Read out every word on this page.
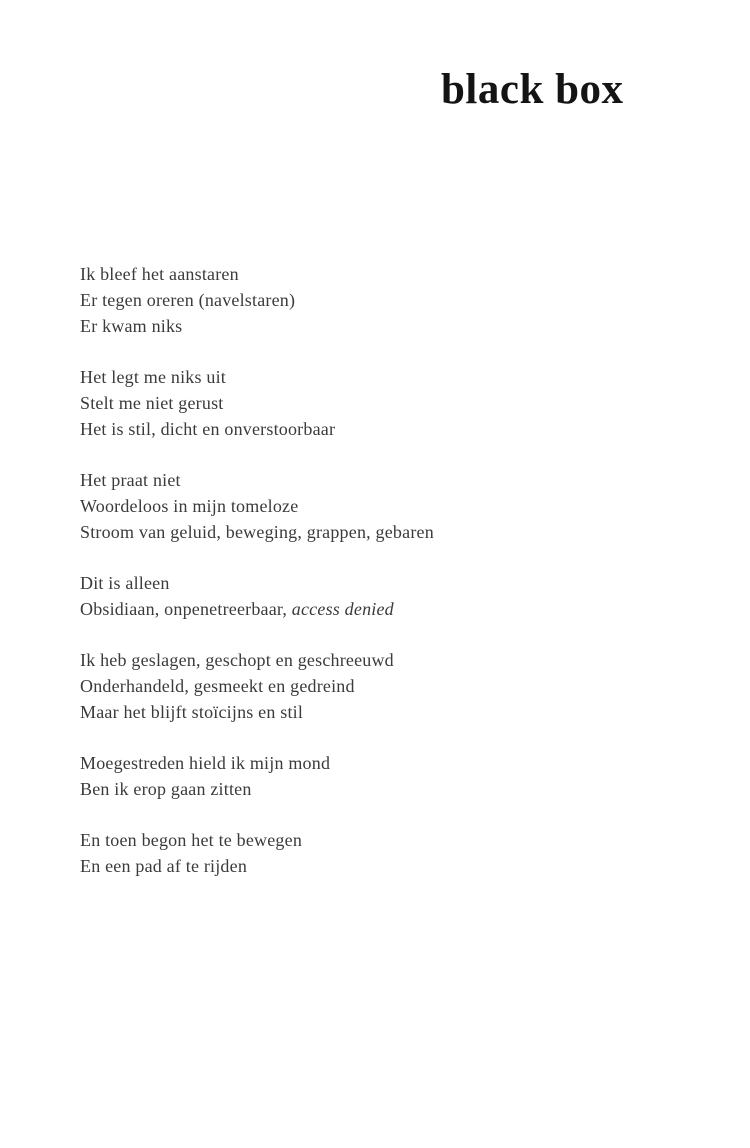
black box
Ik bleef het aanstaren
Er tegen oreren (navelstaren)
Er kwam niks
Het legt me niks uit
Stelt me niet gerust
Het is stil, dicht en onverstoorbaar
Het praat niet
Woordeloos in mijn tomeloze
Stroom van geluid, beweging, grappen, gebaren
Dit is alleen
Obsidiaan, onpenetreerbaar, access denied
Ik heb geslagen, geschopt en geschreeuwd
Onderhandeld, gesmeekt en gedreind
Maar het blijft stoïcijns en stil
Moegestreden hield ik mijn mond
Ben ik erop gaan zitten
En toen begon het te bewegen
En een pad af te rijden
